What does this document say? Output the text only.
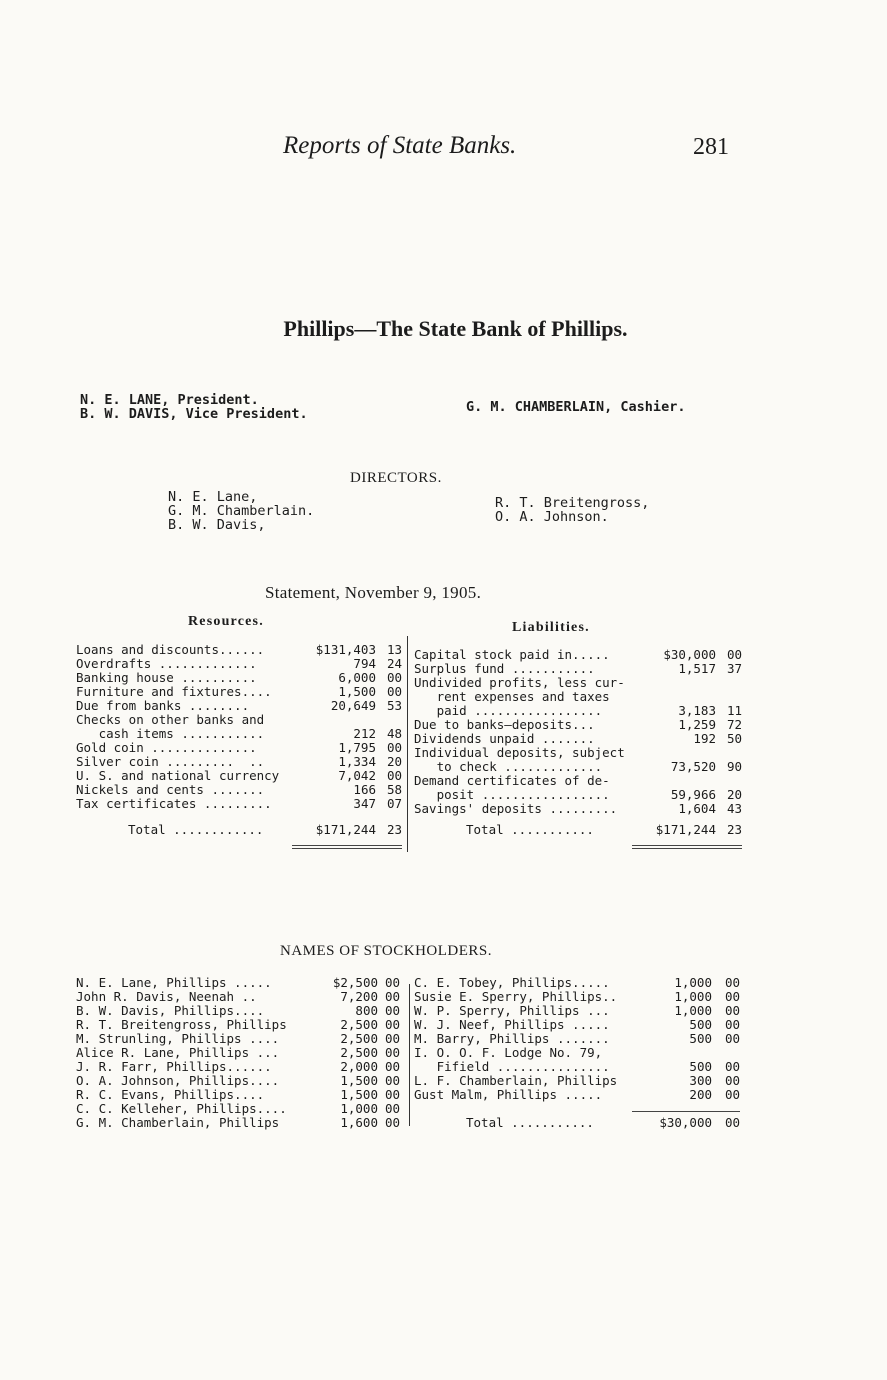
Reports of State Banks.	281
Phillips—The State Bank of Phillips.
N. E. LANE, President.
B. W. DAVIS, Vice President.	G. M. CHAMBERLAIN, Cashier.
DIRECTORS.
N. E. Lane,
G. M. Chamberlain.
B. W. Davis,
R. T. Breitengross,
O. A. Johnson.
Statement, November 9, 1905.
Resources.	Liabilities.
Loans and discounts......	$131,403 13
Overdrafts .............	794 24
Banking house ..........	6,000 00
Furniture and fixtures....	1,500 00
Due from banks ........	20,649 53
Checks on other banks and
cash items ...........	212 48
Gold coin ..............	1,795 00
Silver coin .........  ..	1,334 20
U. S. and national currency	7,042 00
Nickels and cents .......	166 58
Tax certificates .........	347 07
Total ............	$171,244 23
Capital stock paid in.....	$30,000 00
Surplus fund ...........	1,517 37
Undivided profits, less cur-
rent expenses and taxes
paid .................	3,183 11
Due to banks—deposits...	1,259 72
Dividends unpaid .......	192 50
Individual deposits, subject
to check .............	73,520 90
Demand certificates of de-
posit .................	59,966 20
Savings' deposits .........	1,604 43
Total ...........	$171,244 23
NAMES OF STOCKHOLDERS.
N. E. Lane, Phillips .....	$2,500 00
John R. Davis, Neenah ..	7,200 00
B. W. Davis, Phillips....	800 00
R. T. Breitengross, Phillips	2,500 00
M. Strunling, Phillips ....	2,500 00
Alice R. Lane, Phillips ...	2,500 00
J. R. Farr, Phillips......	2,000 00
O. A. Johnson, Phillips....	1,500 00
R. C. Evans, Phillips....	1,500 00
C. C. Kelleher, Phillips....	1,000 00
G. M. Chamberlain, Phillips	1,600 00
C. E. Tobey, Phillips.....	1,000 00
Susie E. Sperry, Phillips..	1,000 00
W. P. Sperry, Phillips ...	1,000 00
W. J. Neef, Phillips .....	500 00
M. Barry, Phillips .......	500 00
I. O. O. F. Lodge No. 79,
Fifield ...............	500 00
L. F. Chamberlain, Phillips	300 00
Gust Malm, Phillips .....	200 00
Total ...........	$30,000 00
